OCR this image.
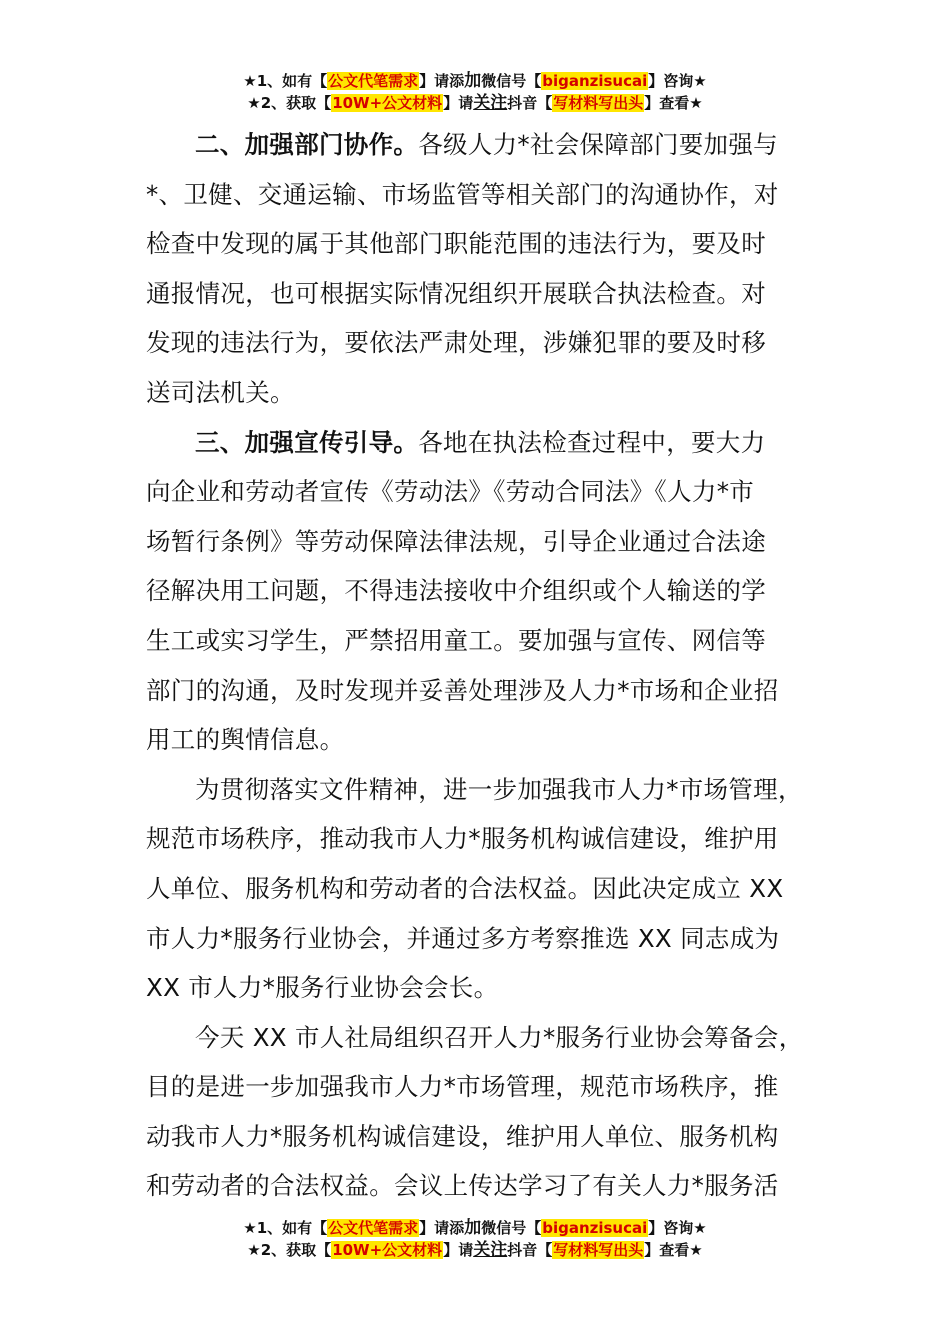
★1、如有【公文代笔需求】请添加微信号【biganzisucai】咨询★
★2、获取【10W+公文材料】请关注抖音【写材料写出头】查看★
二、加强部门协作。各级人力*社会保障部门要加强与
*、卫健、交通运输、市场监管等相关部门的沟通协作，对
检查中发现的属于其他部门职能范围的违法行为，要及时
通报情况，也可根据实际情况组织开展联合执法检查。对
发现的违法行为，要依法严肃处理，涉嫌犯罪的要及时移
送司法机关。
三、加强宣传引导。各地在执法检查过程中，要大力
向企业和劳动者宣传《劳动法》《劳动合同法》《人力*市
场暂行条例》等劳动保障法律法规，引导企业通过合法途
径解决用工问题，不得违法接收中介组织或个人输送的学
生工或实习学生，严禁招用童工。要加强与宣传、网信等
部门的沟通，及时发现并妥善处理涉及人力*市场和企业招
用工的舆情信息。
为贯彻落实文件精神，进一步加强我市人力*市场管理，
规范市场秩序，推动我市人力*服务机构诚信建设，维护用
人单位、服务机构和劳动者的合法权益。因此决定成立 XX
市人力*服务行业协会，并通过多方考察推选 XX 同志成为
XX 市人力*服务行业协会会长。
今天 XX 市人社局组织召开人力*服务行业协会筹备会，
目的是进一步加强我市人力*市场管理，规范市场秩序，推
动我市人力*服务机构诚信建设，维护用人单位、服务机构
和劳动者的合法权益。会议上传达学习了有关人力*服务活
★1、如有【公文代笔需求】请添加微信号【biganzisucai】咨询★
★2、获取【10W+公文材料】请关注抖音【写材料写出头】查看★
